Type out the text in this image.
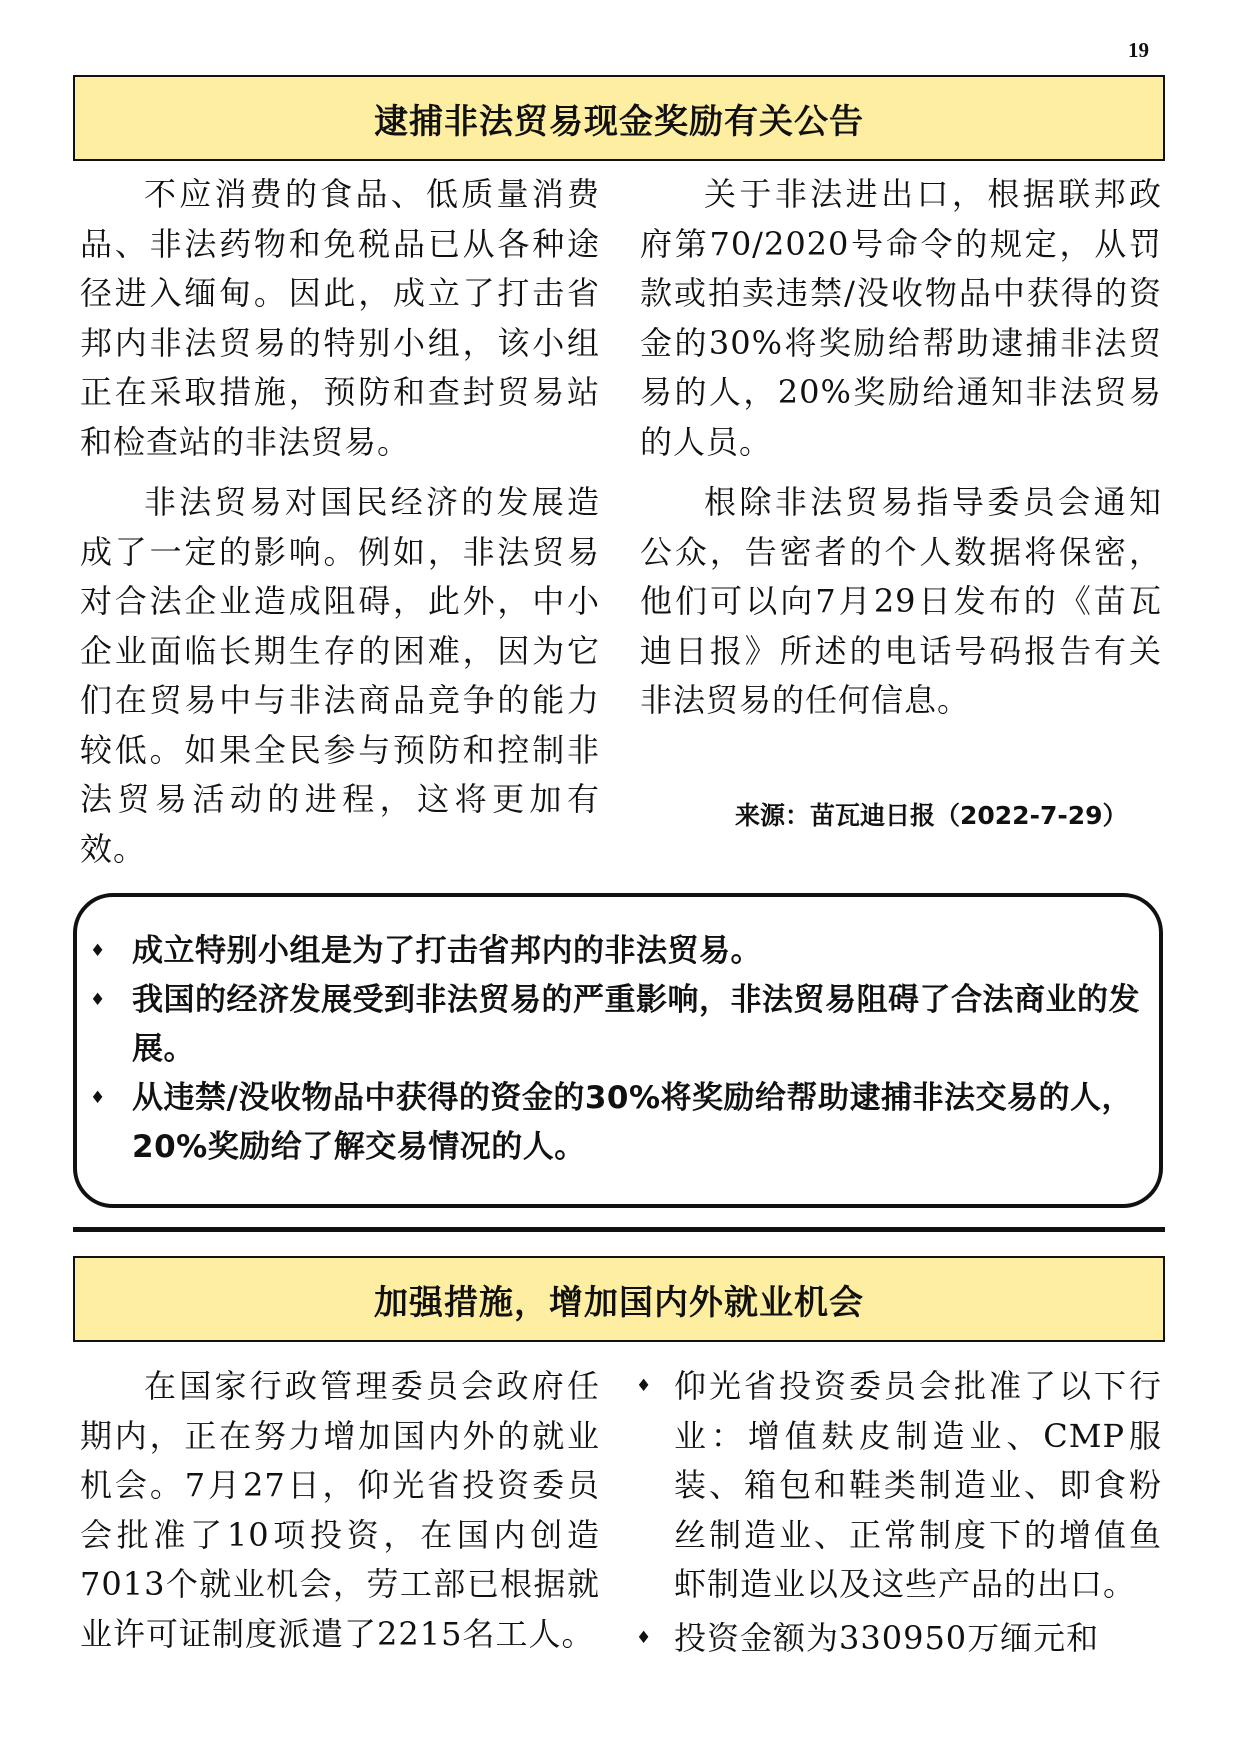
19
逮捕非法贸易现金奖励有关公告

不应消费的食品、低质量消费品、非法药物和免税品已从各种途径进入缅甸。因此，成立了打击省邦内非法贸易的特别小组，该小组正在采取措施，预防和查封贸易站和检查站的非法贸易。

非法贸易对国民经济的发展造成了一定的影响。例如，非法贸易对合法企业造成阻碍，此外，中小企业面临长期生存的困难，因为它们在贸易中与非法商品竞争的能力较低。如果全民参与预防和控制非法贸易活动的进程，这将更加有效。

关于非法进出口，根据联邦政府第70/2020号命令的规定，从罚款或拍卖违禁/没收物品中获得的资金的30%将奖励给帮助逮捕非法贸易的人，20%奖励给通知非法贸易的人员。

根除非法贸易指导委员会通知公众，告密者的个人数据将保密，他们可以向7月29日发布的《苗瓦迪日报》所述的电话号码报告有关非法贸易的任何信息。

来源：苗瓦迪日报（2022-7-29）
♦ 成立特别小组是为了打击省邦内的非法贸易。
♦ 我国的经济发展受到非法贸易的严重影响，非法贸易阻碍了合法商业的发展。
♦ 从违禁/没收物品中获得的资金的30%将奖励给帮助逮捕非法交易的人，20%奖励给了解交易情况的人。
加强措施，增加国内外就业机会

在国家行政管理委员会政府任期内，正在努力增加国内外的就业机会。7月27日，仰光省投资委员会批准了10项投资，在国内创造7013个就业机会，劳工部已根据就业许可证制度派遣了2215名工人。

♦ 仰光省投资委员会批准了以下行业：增值麸皮制造业、CMP服装、箱包和鞋类制造业、即食粉丝制造业、正常制度下的增值鱼虾制造业以及这些产品的出口。
♦ 投资金额为330950万缅元和
